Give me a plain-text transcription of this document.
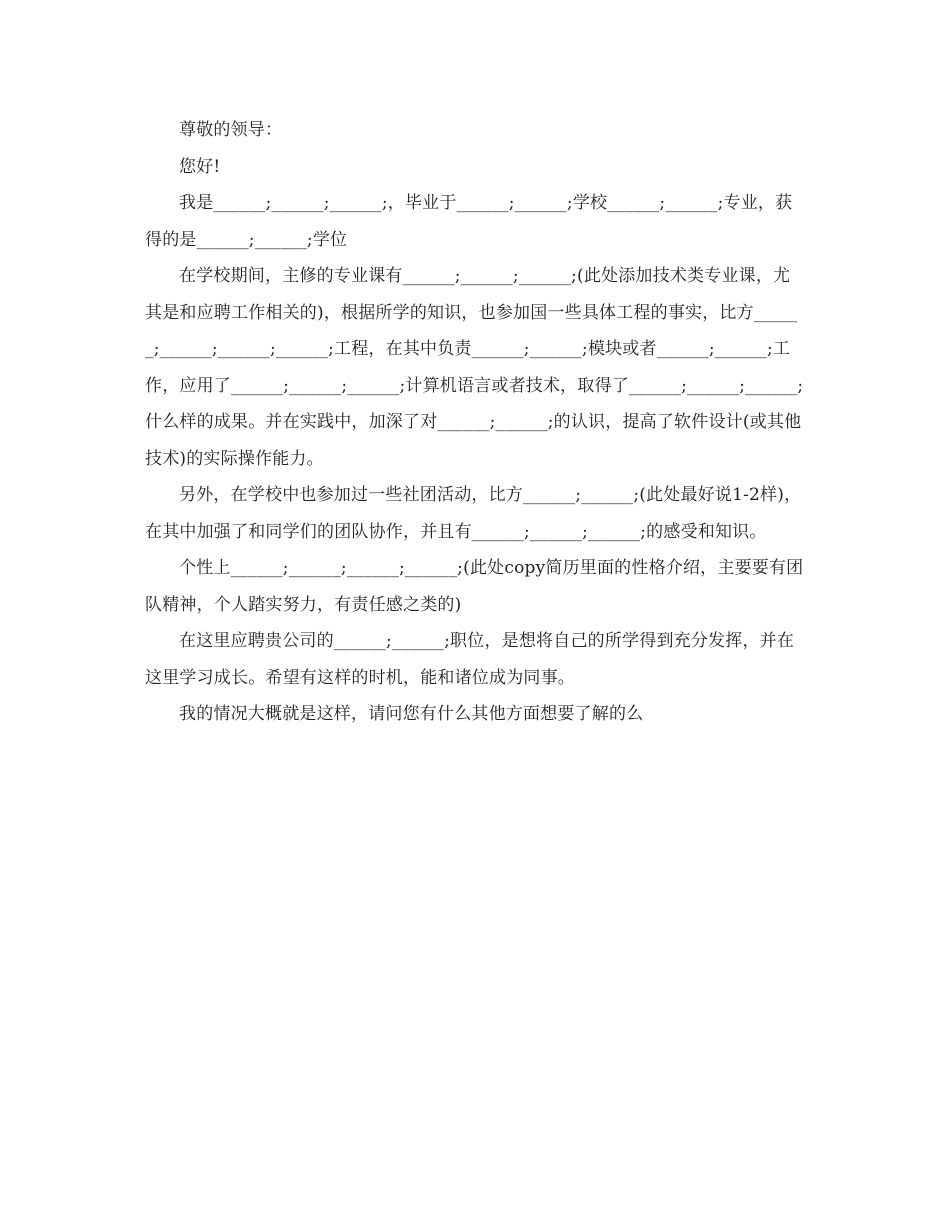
尊敬的领导：

您好!

我是______;______;______;，毕业于______;______;学校______;______;专业，获得的是______;______;学位

在学校期间，主修的专业课有______;______;______;(此处添加技术类专业课，尤其是和应聘工作相关的)，根据所学的知识，也参加国一些具体工程的事实，比方______;______;______;______;工程，在其中负责______;______;模块或者______;______;工作，应用了______;______;______;计算机语言或者技术，取得了______;______;______;什么样的成果。并在实践中，加深了对______;______;的认识，提高了软件设计(或其他技术)的实际操作能力。

另外，在学校中也参加过一些社团活动，比方______;______;(此处最好说1-2样)，在其中加强了和同学们的团队协作，并且有______;______;______;的感受和知识。

个性上______;______;______;______;(此处copy简历里面的性格介绍，主要要有团队精神，个人踏实努力，有责任感之类的)

在这里应聘贵公司的______;______;职位，是想将自己的所学得到充分发挥，并在这里学习成长。希望有这样的时机，能和诸位成为同事。

我的情况大概就是这样，请问您有什么其他方面想要了解的么
